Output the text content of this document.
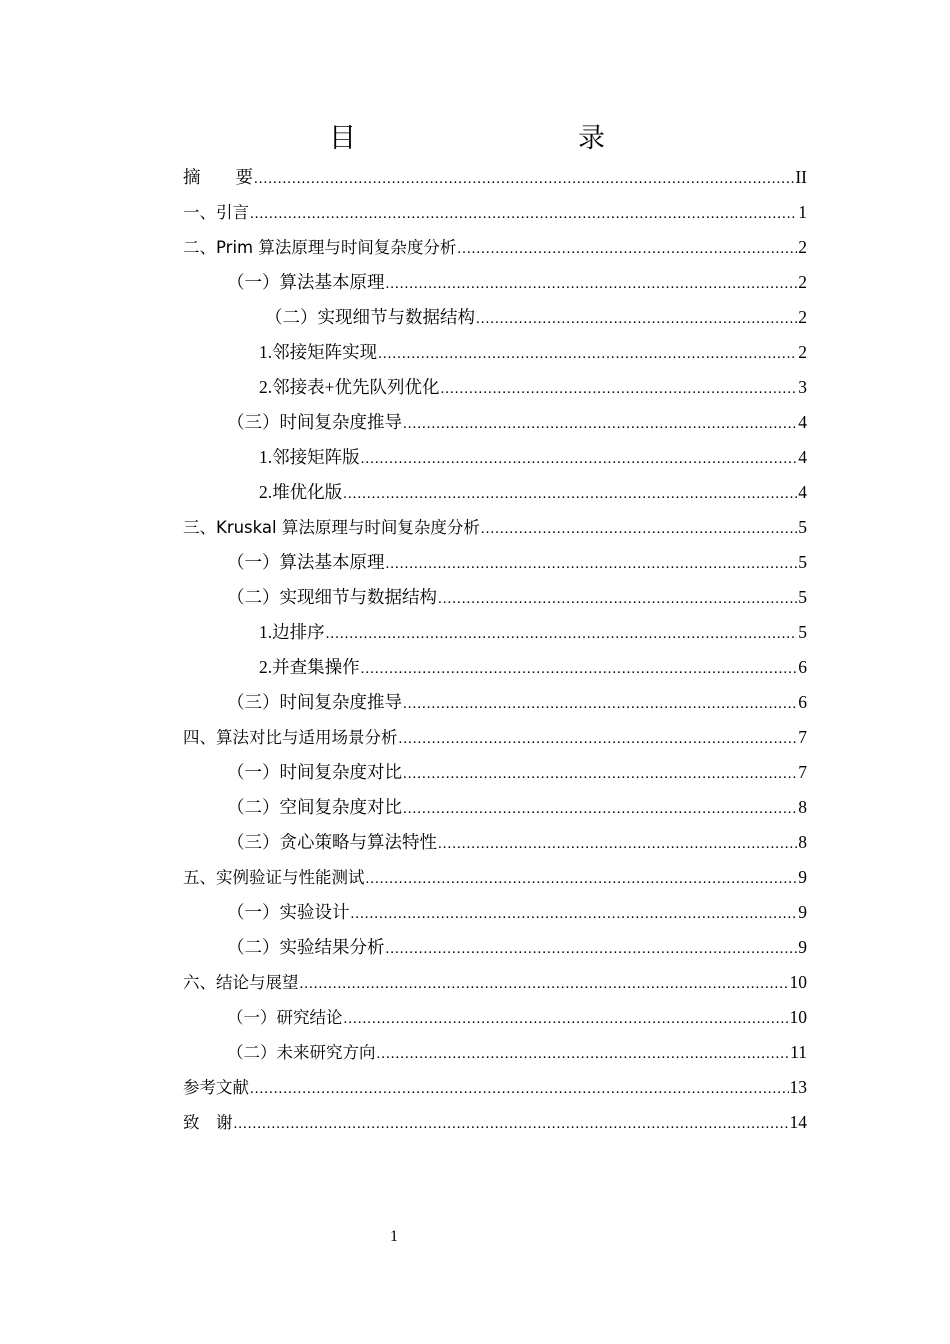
目　　录
摘　　要 .....	II
一、引言 .....	1
二、Prim 算法原理与时间复杂度分析 .....	2
（一）算法基本原理 .....	2
（二）实现细节与数据结构 .....	2
1.邻接矩阵实现 .....	2
2.邻接表+优先队列优化 .....	3
（三）时间复杂度推导 .....	4
1.邻接矩阵版 .....	4
2.堆优化版 .....	4
三、Kruskal 算法原理与时间复杂度分析 .....	5
（一）算法基本原理 .....	5
（二）实现细节与数据结构 .....	5
1.边排序 .....	5
2.并查集操作 .....	6
（三）时间复杂度推导 .....	6
四、算法对比与适用场景分析 .....	7
（一）时间复杂度对比 .....	7
（二）空间复杂度对比 .....	8
（三）贪心策略与算法特性 .....	8
五、实例验证与性能测试 .....	9
（一）实验设计 .....	9
（二）实验结果分析 .....	9
六、结论与展望 .....	10
（一）研究结论 .....	10
（二）未来研究方向 .....	11
参考文献 .....	13
致　谢 .....	14
1
